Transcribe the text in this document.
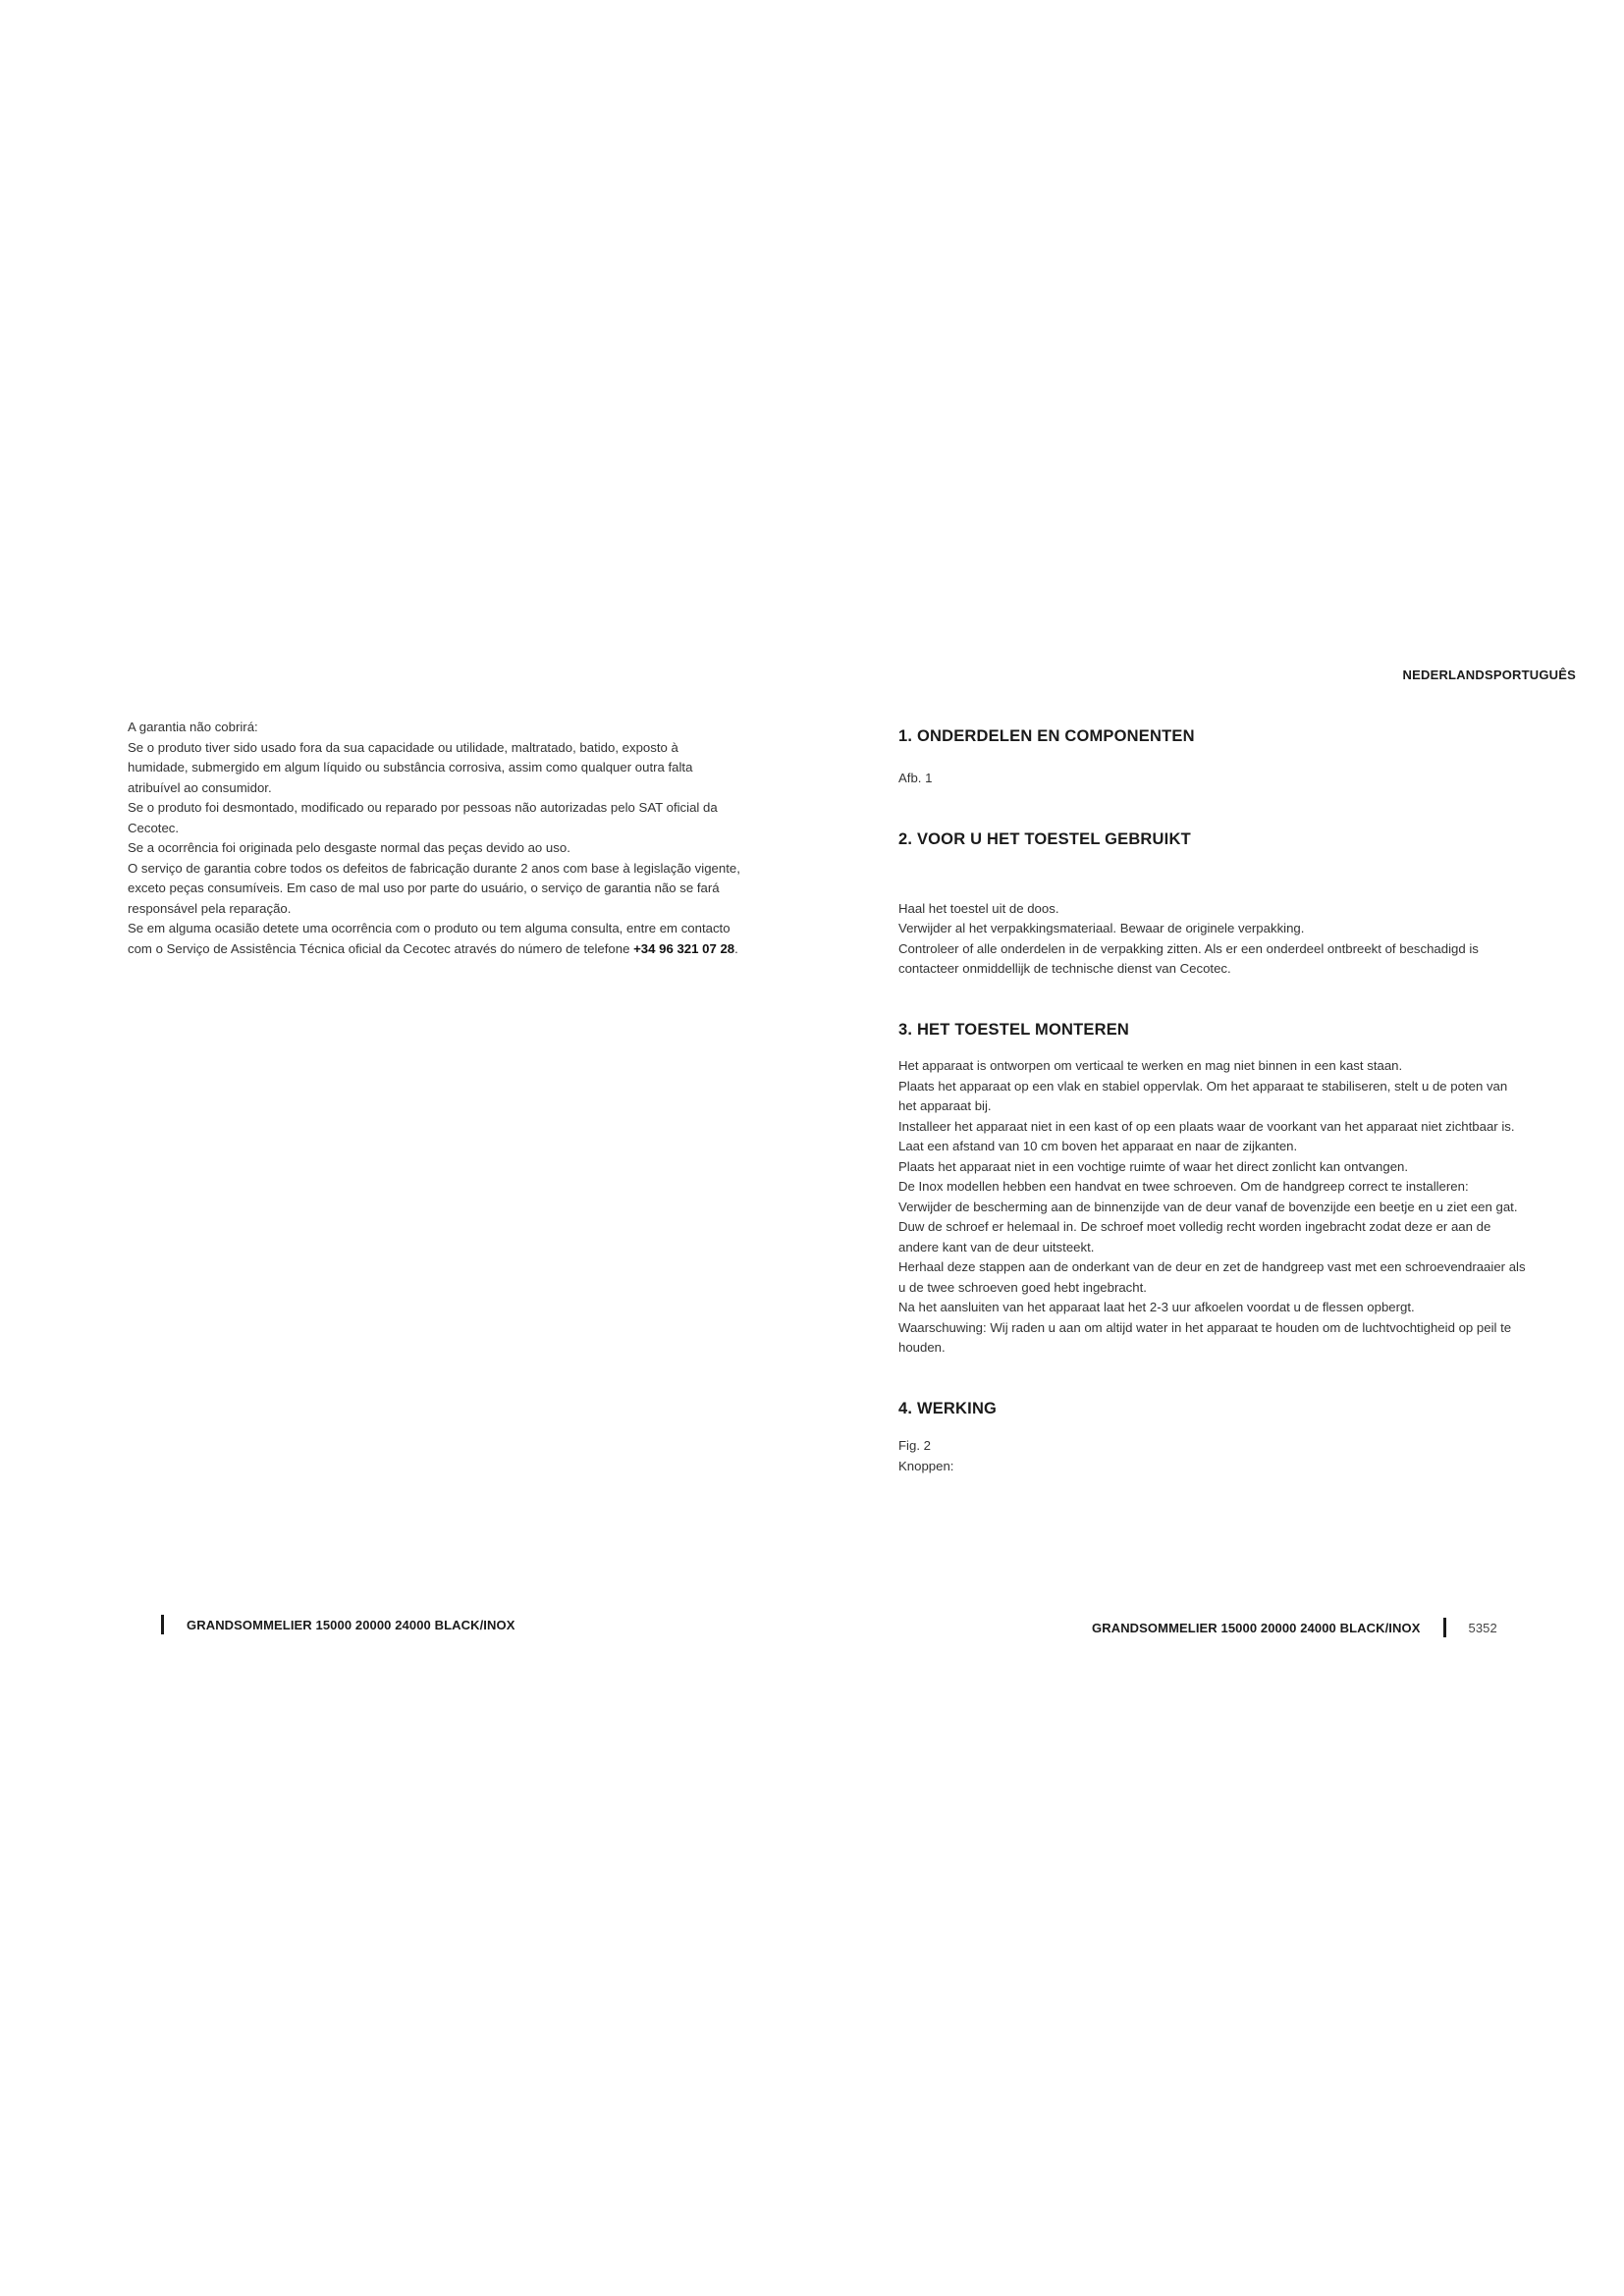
NEDERLANDSPORTUGUÊS

A garantia não cobrirá:

Se o produto tiver sido usado fora da sua capacidade ou utilidade, maltratado, batido, exposto à humidade, submergido em algum líquido ou substância corrosiva, assim como qualquer outra falta atribuível ao consumidor.

Se o produto foi desmontado, modificado ou reparado por pessoas não autorizadas pelo SAT oficial da Cecotec.

Se a ocorrência foi originada pelo desgaste normal das peças devido ao uso.

O serviço de garantia cobre todos os defeitos de fabricação durante 2 anos com base à legislação vigente, exceto peças consumíveis. Em caso de mal uso por parte do usuário, o serviço de garantia não se fará responsável pela reparação.

Se em alguma ocasião detete uma ocorrência com o produto ou tem alguma consulta, entre em contacto com o Serviço de Assistência Técnica oficial da Cecotec através do número de telefone +34 96 321 07 28.

1. ONDERDELEN EN COMPONENTEN

Afb. 1

2. VOOR U HET TOESTEL GEBRUIKT

Haal het toestel uit de doos.

Verwijder al het verpakkingsmateriaal. Bewaar de originele verpakking.

Controleer of alle onderdelen in de verpakking zitten. Als er een onderdeel ontbreekt of beschadigd is contacteer onmiddellijk de technische dienst van Cecotec.

3. HET TOESTEL MONTEREN

Het apparaat is ontworpen om verticaal te werken en mag niet binnen in een kast staan.

Plaats het apparaat op een vlak en stabiel oppervlak. Om het apparaat te stabiliseren, stelt u de poten van het apparaat bij.

Installeer het apparaat niet in een kast of op een plaats waar de voorkant van het apparaat niet zichtbaar is.

Laat een afstand van 10 cm boven het apparaat en naar de zijkanten.

Plaats het apparaat niet in een vochtige ruimte of waar het direct zonlicht kan ontvangen.

De Inox modellen hebben een handvat en twee schroeven. Om de handgreep correct te installeren:

Verwijder de bescherming aan de binnenzijde van de deur vanaf de bovenzijde een beetje en u ziet een gat.

Duw de schroef er helemaal in. De schroef moet volledig recht worden ingebracht zodat deze er aan de andere kant van de deur uitsteekt.

Herhaal deze stappen aan de onderkant van de deur en zet de handgreep vast met een schroevendraaier als u de twee schroeven goed hebt ingebracht.

Na het aansluiten van het apparaat laat het 2-3 uur afkoelen voordat u de flessen opbergt.

Waarschuwing: Wij raden u aan om altijd water in het apparaat te houden om de luchtvochtigheid op peil te houden.

4. WERKING

Fig. 2

Knoppen:

GRANDSOMMELIER 15000 20000 24000 BLACK/INOX	GRANDSOMMELIER 15000 20000 24000 BLACK/INOX	5352
